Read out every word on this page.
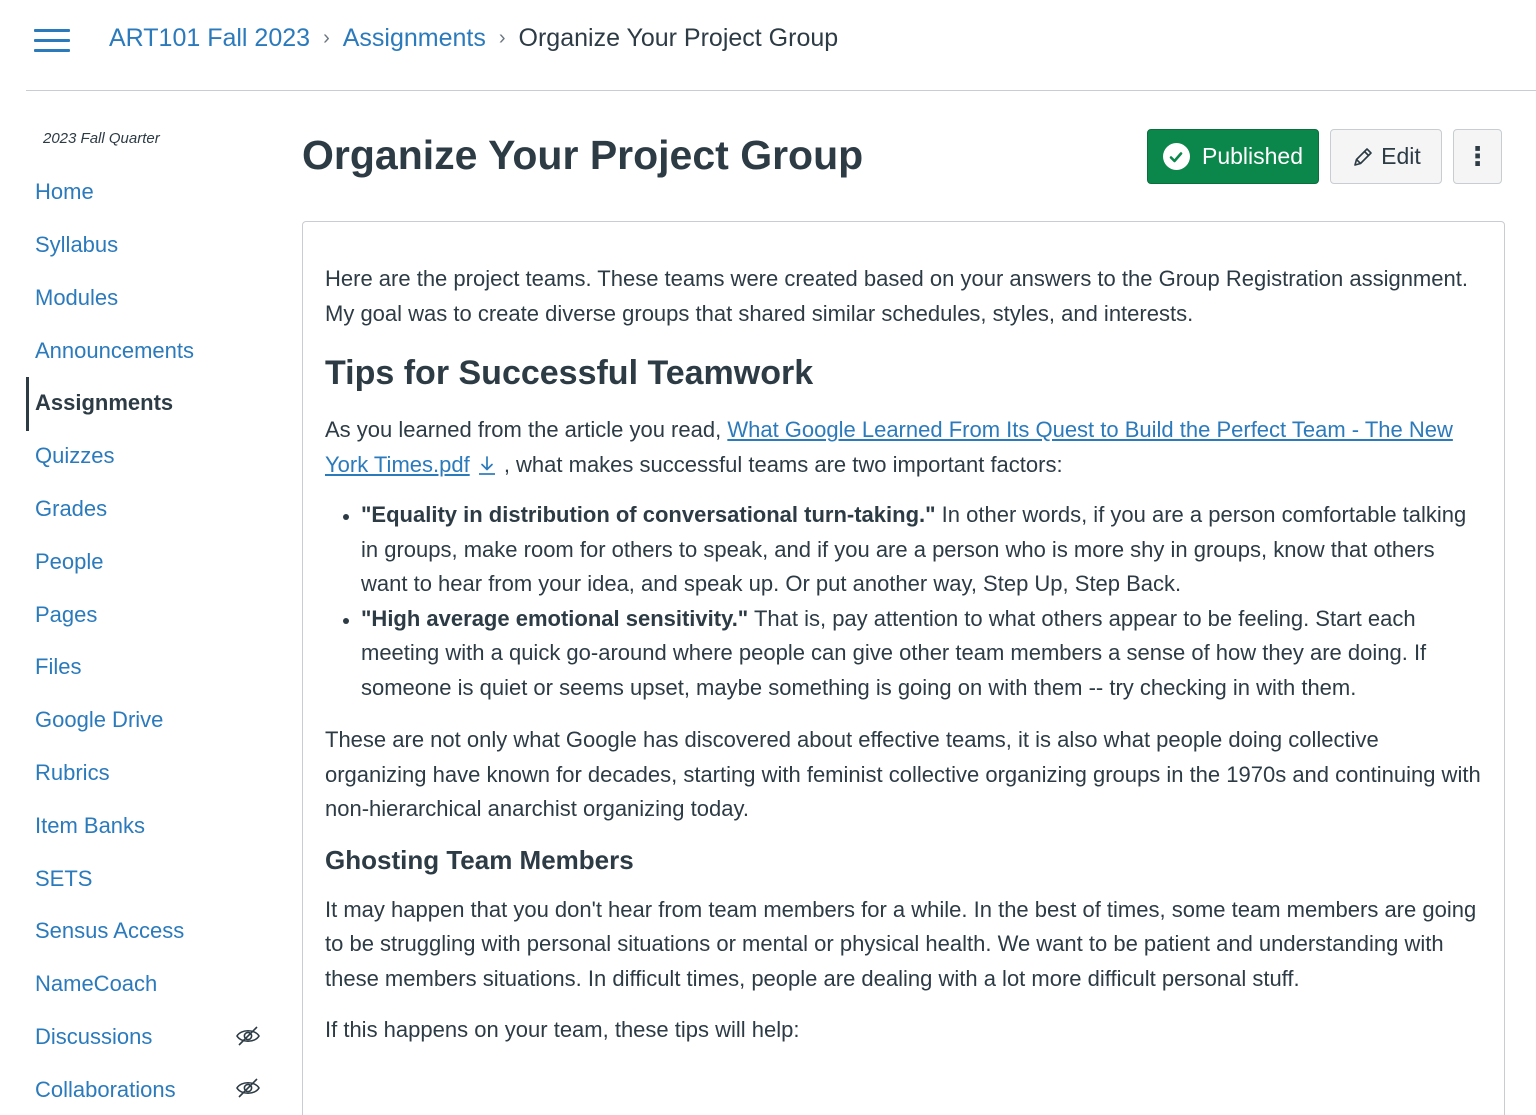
ART101 Fall 2023 › Assignments › Organize Your Project Group
2023 Fall Quarter
Home
Syllabus
Modules
Announcements
Assignments
Quizzes
Grades
People
Pages
Files
Google Drive
Rubrics
Item Banks
SETS
Sensus Access
NameCoach
Discussions
Collaborations
Organize Your Project Group	Published	Edit ⋮

Here are the project teams. These teams were created based on your answers to the Group Registration assignment. My goal was to create diverse groups that shared similar schedules, styles, and interests.

Tips for Successful Teamwork

As you learned from the article you read, What Google Learned From Its Quest to Build the Perfect Team - The New York Times.pdf , what makes successful teams are two important factors:

• "Equality in distribution of conversational turn-taking." In other words, if you are a person comfortable talking in groups, make room for others to speak, and if you are a person who is more shy in groups, know that others want to hear from your idea, and speak up. Or put another way, Step Up, Step Back.
• "High average emotional sensitivity." That is, pay attention to what others appear to be feeling. Start each meeting with a quick go-around where people can give other team members a sense of how they are doing. If someone is quiet or seems upset, maybe something is going on with them -- try checking in with them.

These are not only what Google has discovered about effective teams, it is also what people doing collective organizing have known for decades, starting with feminist collective organizing groups in the 1970s and continuing with non-hierarchical anarchist organizing today.

Ghosting Team Members

It may happen that you don't hear from team members for a while. In the best of times, some team members are going to be struggling with personal situations or mental or physical health. We want to be patient and understanding with these members situations. In difficult times, people are dealing with a lot more difficult personal stuff.

If this happens on your team, these tips will help:
